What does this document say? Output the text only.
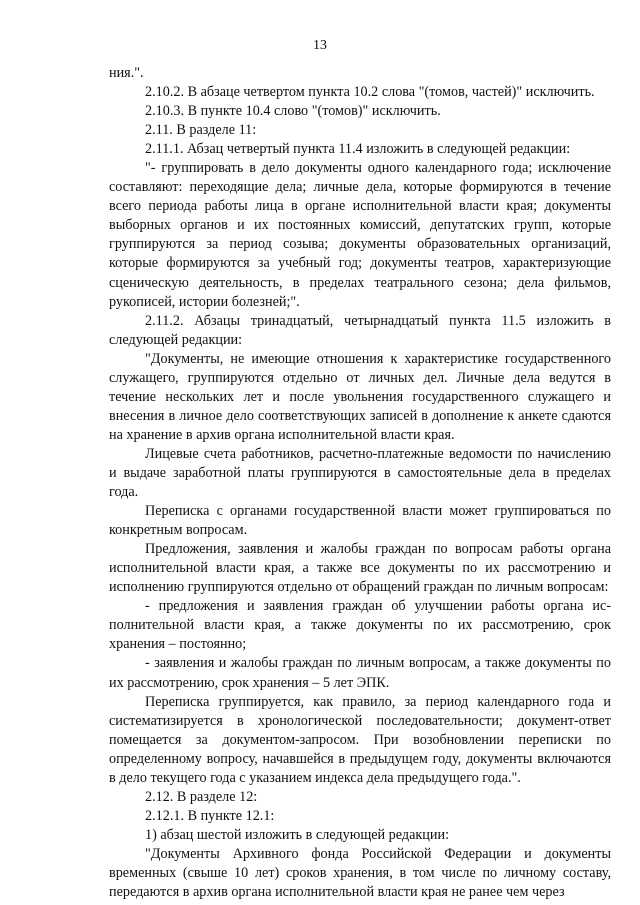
13

ния.".

2.10.2. В абзаце четвертом пункта 10.2 слова "(томов, частей)" исключить.

2.10.3. В пункте 10.4 слово "(томов)" исключить.

2.11. В разделе 11:

2.11.1. Абзац четвертый пункта 11.4 изложить в следующей редакции:

"- группировать в дело документы одного календарного года; исключение составляют: переходящие дела; личные дела, которые формируются в течение всего периода работы лица в органе исполнительной власти края; документы выборных органов и их постоянных комиссий, депутатских групп, которые группируются за период созыва; документы образовательных организаций, которые формируются за учебный год; документы театров, характеризующие сценическую деятельность, в пределах театрального сезона; дела фильмов, рукописей, истории болезней;".

2.11.2. Абзацы тринадцатый, четырнадцатый пункта 11.5 изложить в следующей редакции:

"Документы, не имеющие отношения к характеристике государственного служащего, группируются отдельно от личных дел. Личные дела ведутся в течение нескольких лет и после увольнения государственного служащего и внесения в личное дело соответствующих записей в дополнение к анкете сдаются на хранение в архив органа исполнительной власти края.

Лицевые счета работников, расчетно-платежные ведомости по начислению и выдаче заработной платы группируются в самостоятельные дела в пределах года.

Переписка с органами государственной власти может группироваться по конкретным вопросам.

Предложения, заявления и жалобы граждан по вопросам работы органа исполнительной власти края, а также все документы по их рассмотрению и исполнению группируются отдельно от обращений граждан по личным вопросам:

- предложения и заявления граждан об улучшении работы органа исполнительной власти края, а также документы по их рассмотрению, срок хранения – постоянно;

- заявления и жалобы граждан по личным вопросам, а также документы по их рассмотрению, срок хранения – 5 лет ЭПК.

Переписка группируется, как правило, за период календарного года и систематизируется в хронологической последовательности; документ-ответ помещается за документом-запросом. При возобновлении переписки по определенному вопросу, начавшейся в предыдущем году, документы включаются в дело текущего года с указанием индекса дела предыдущего года.".

2.12. В разделе 12:

2.12.1. В пункте 12.1:

1) абзац шестой изложить в следующей редакции:

"Документы Архивного фонда Российской Федерации и документы временных (свыше 10 лет) сроков хранения, в том числе по личному составу, передаются в архив органа исполнительной власти края не ранее чем через
